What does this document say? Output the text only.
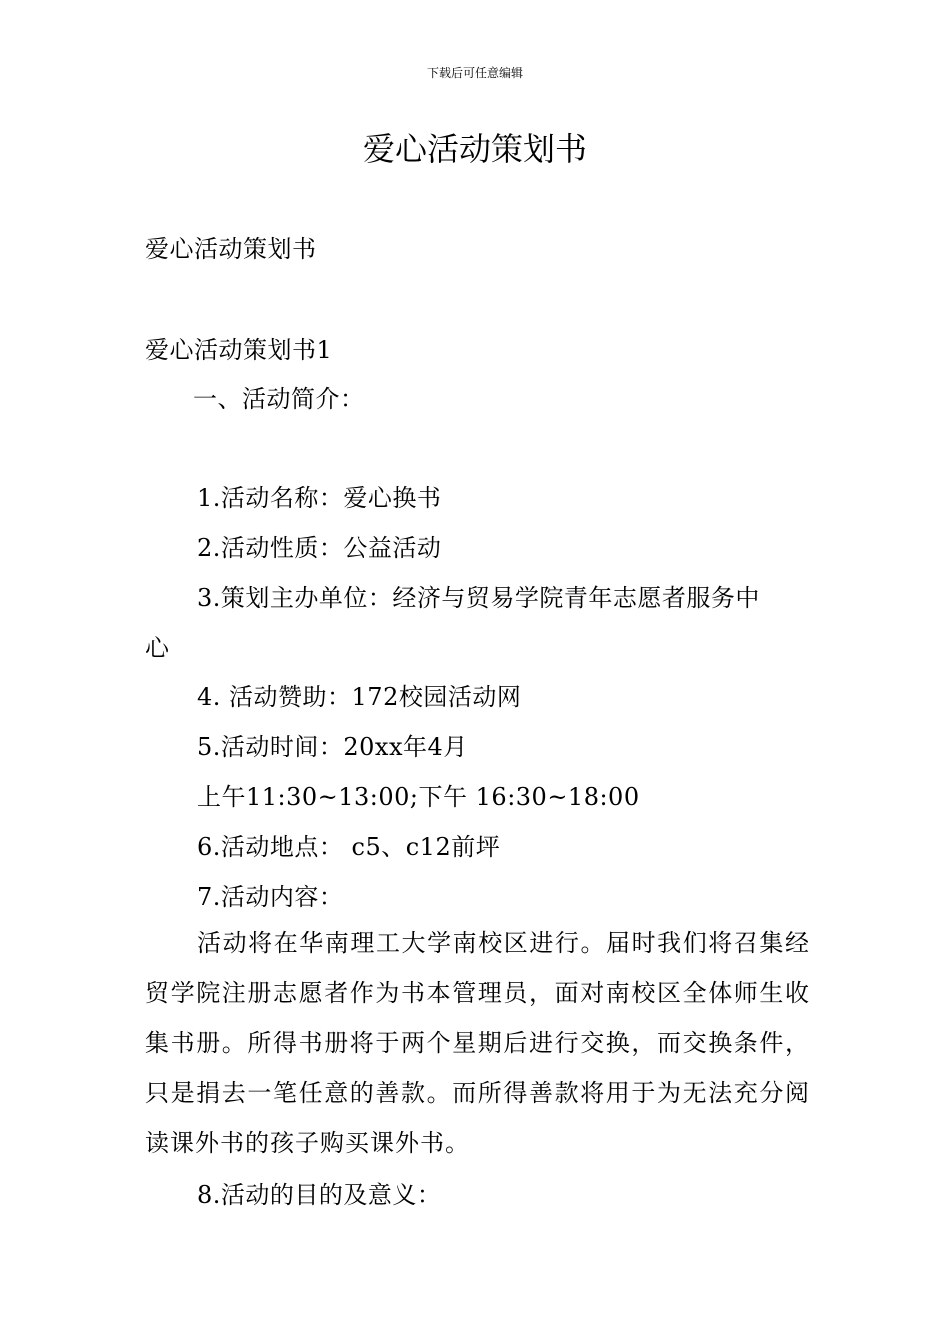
下载后可任意编辑
爱心活动策划书
爱心活动策划书
爱心活动策划书1
一、活动简介：
1.活动名称：爱心换书
2.活动性质：公益活动
3.策划主办单位：经济与贸易学院青年志愿者服务中
心
4. 活动赞助：172校园活动网
5.活动时间：20xx年4月
上午11:30~13:00;下午 16:30~18:00
6.活动地点： c5、c12前坪
7.活动内容：
活动将在华南理工大学南校区进行。届时我们将召集经贸学院注册志愿者作为书本管理员，面对南校区全体师生收集书册。所得书册将于两个星期后进行交换，而交换条件，只是捐去一笔任意的善款。而所得善款将用于为无法充分阅读课外书的孩子购买课外书。
8.活动的目的及意义：
